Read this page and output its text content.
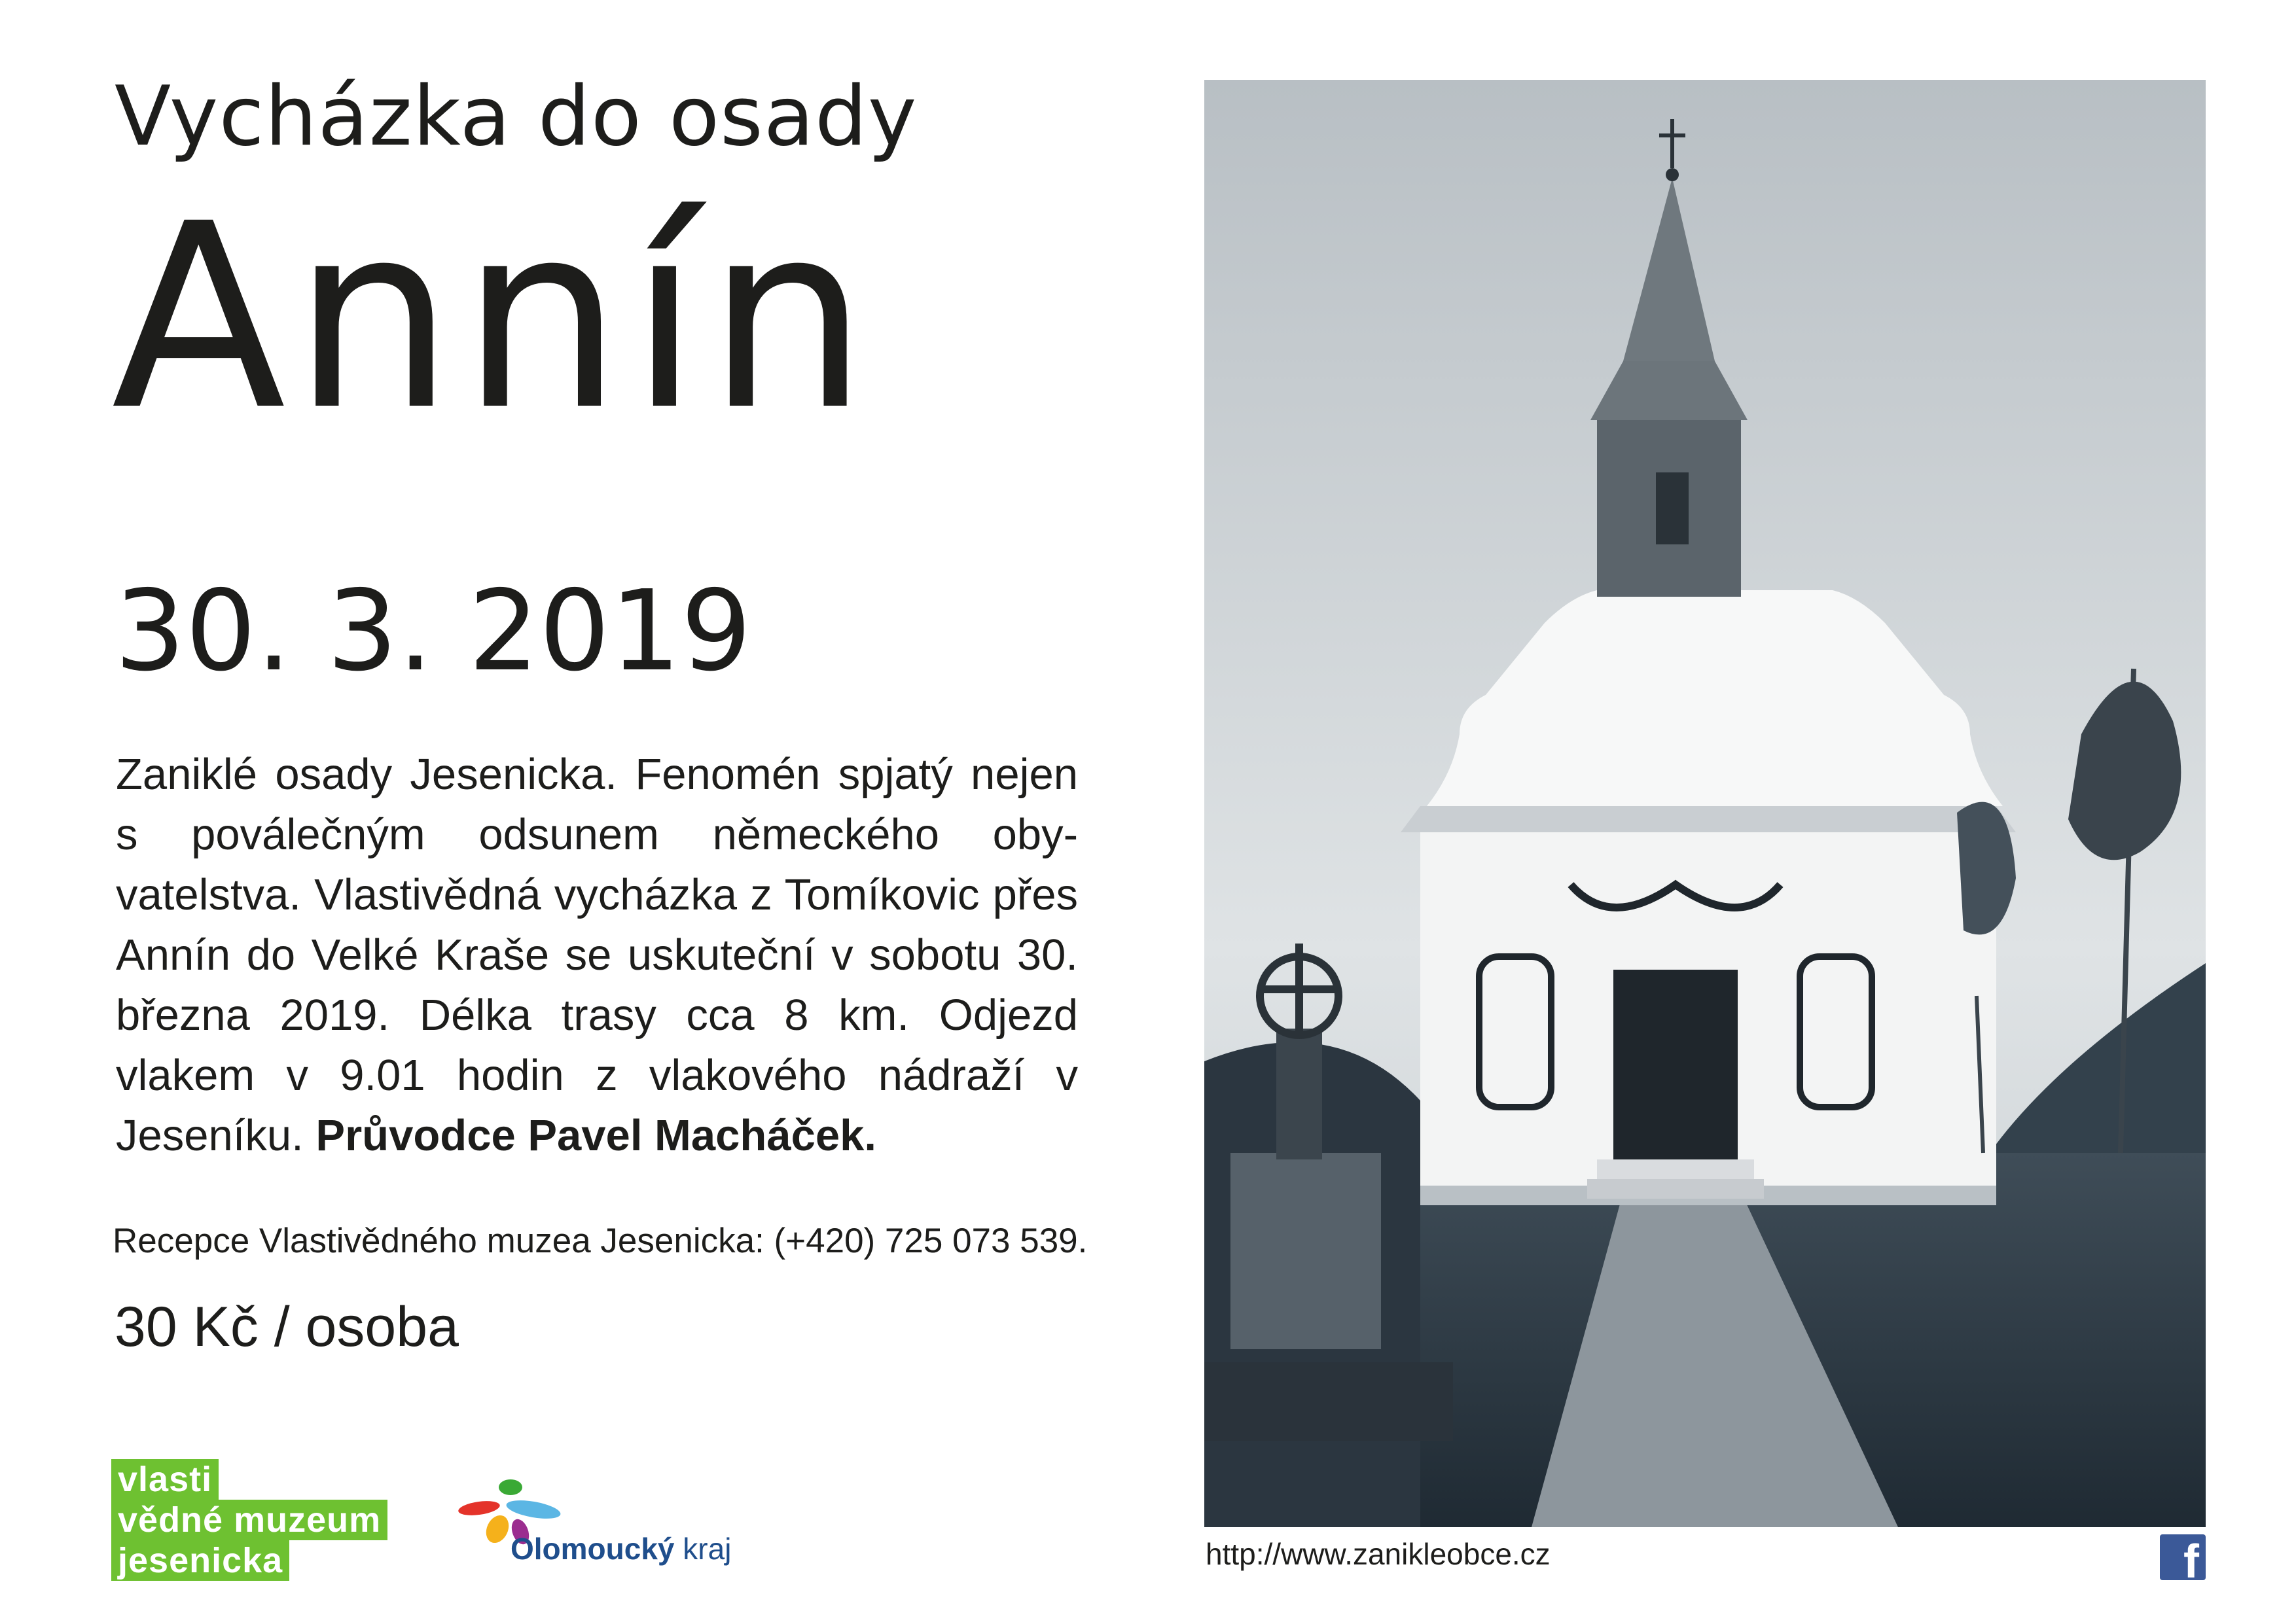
Vycházka do osady
Annín
30. 3. 2019
Zaniklé osady Jesenicka. Fenomén spjatý nejen s poválečným odsunem německého obyvatelstva. Vlastivědná vycházka z Tomíkovic přes Annín do Velké Kraše se uskuteční v sobotu 30. března 2019. Délka trasy cca 8 km. Odjezd vlakem v 9.01 hodin z vlakového nádraží v Jeseníku. Průvodce Pavel Macháček.
Recepce Vlastivědného muzea Jesenicka: (+420) 725 073 539.
30 Kč / osoba
vlasti
vědné muzeum
jesenicka	Olomoucký kraj	http://www.zanikleobce.cz	f
